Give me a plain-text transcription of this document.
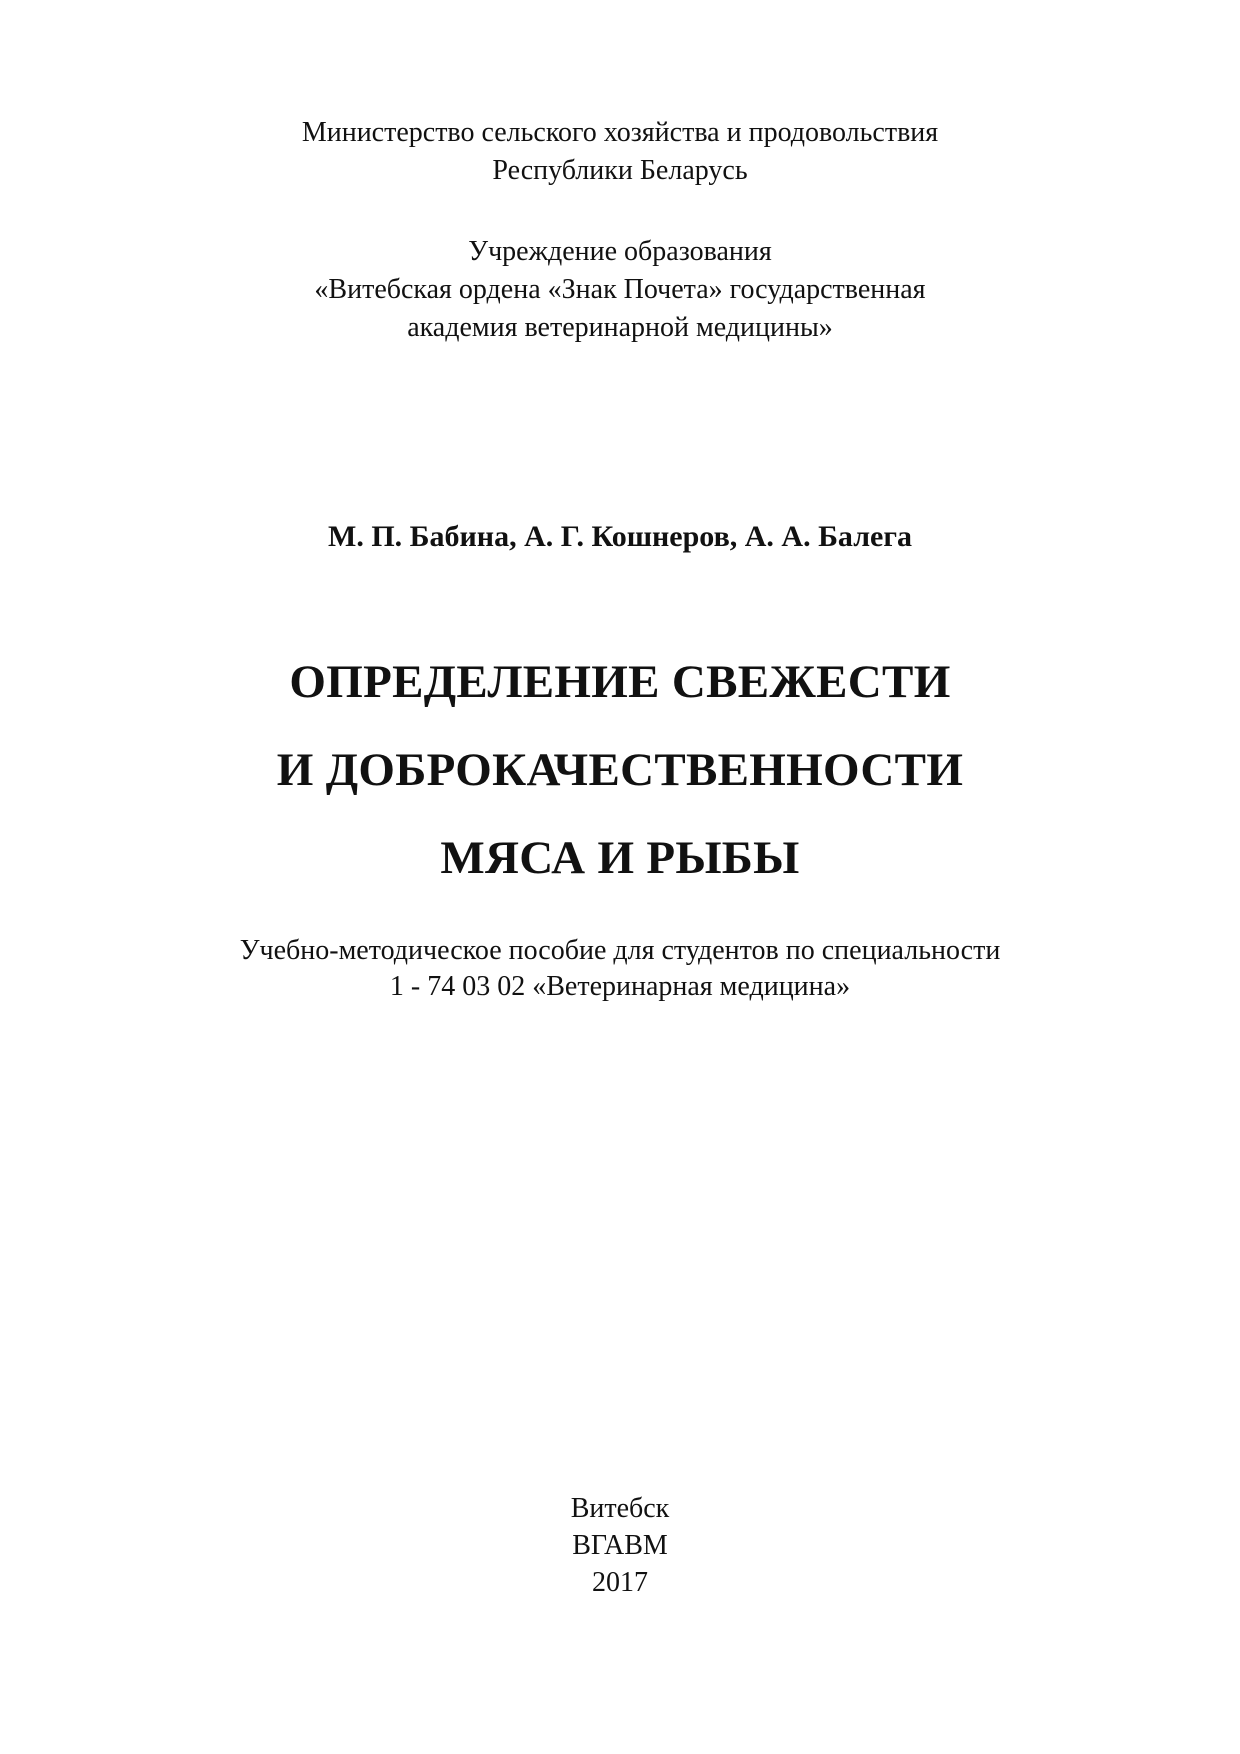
Министерство сельского хозяйства и продовольствия
Республики Беларусь
Учреждение образования
«Витебская ордена «Знак Почета» государственная
академия ветеринарной медицины»
М. П. Бабина, А. Г. Кошнеров, А. А. Балега
ОПРЕДЕЛЕНИЕ СВЕЖЕСТИ
И ДОБРОКАЧЕСТВЕННОСТИ
МЯСА И РЫБЫ
Учебно-методическое пособие для студентов по специальности
1 - 74 03 02 «Ветеринарная медицина»
Витебск
ВГАВМ
2017
